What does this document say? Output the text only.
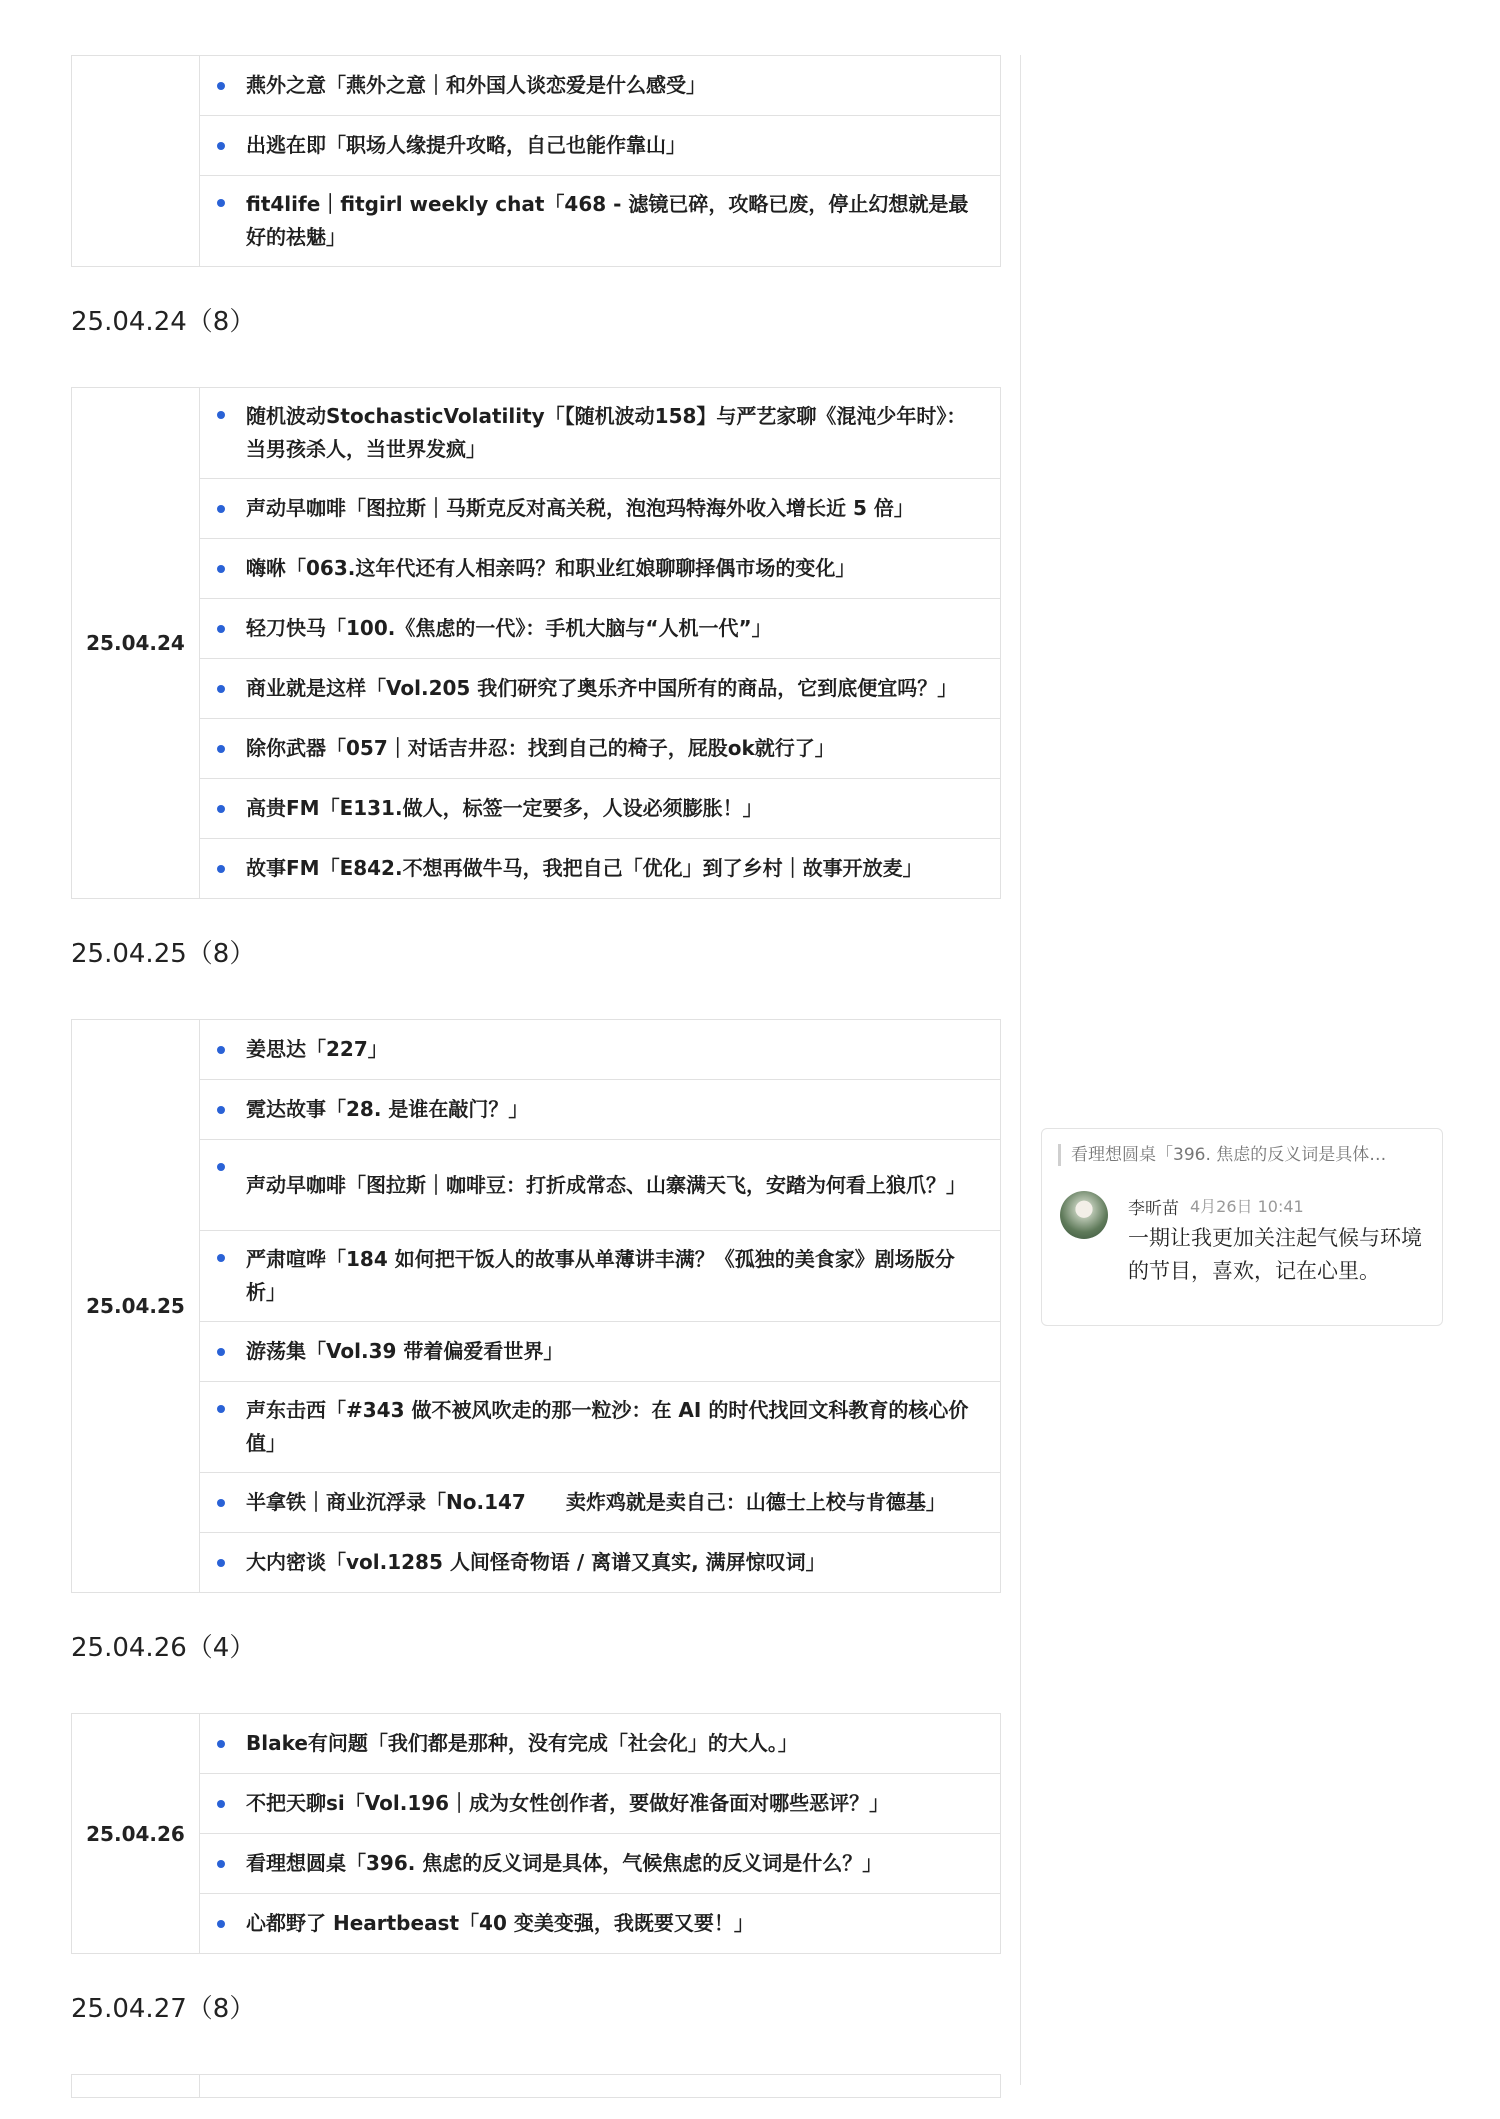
燕外之意「燕外之意｜和外国人谈恋爱是什么感受」

出逃在即「职场人缘提升攻略，自己也能作靠山」

fit4life｜fitgirl weekly chat「468 - 滤镜已碎，攻略已废，停止幻想就是最好的祛魅」
25.04.24（8）
25.04.24	
随机波动StochasticVolatility「【随机波动158】与严艺家聊《混沌少年时》：当男孩杀人，当世界发疯」

声动早咖啡「图拉斯｜马斯克反对高关税，泡泡玛特海外收入增长近 5 倍」

嗨咻「063.这年代还有人相亲吗？和职业红娘聊聊择偶市场的变化」

轻刀快马「100.《焦虑的一代》：手机大脑与“人机一代”」

商业就是这样「Vol.205 我们研究了奥乐齐中国所有的商品，它到底便宜吗？」

除你武器「057｜对话吉井忍：找到自己的椅子，屁股ok就行了」

高贵FM「E131.做人，标签一定要多，人设必须膨胀！」

故事FM「E842.不想再做牛马，我把自己「优化」到了乡村｜故事开放麦」
25.04.25（8）
25.04.25	
姜思达「227」

霓达故事「28. 是谁在敲门？」

声动早咖啡「图拉斯｜咖啡豆：打折成常态、山寨满天飞，安踏为何看上狼爪？」

严肃喧哗「184 如何把干饭人的故事从单薄讲丰满？《孤独的美食家》剧场版分析」

游荡集「Vol.39 带着偏爱看世界」

声东击西「#343 做不被风吹走的那一粒沙：在 AI 的时代找回文科教育的核心价值」

半拿铁｜商业沉浮录「No.147　　卖炸鸡就是卖自己：山德士上校与肯德基」

大内密谈「vol.1285 人间怪奇物语 / 离谱又真实, 满屏惊叹词」
25.04.26（4）
25.04.26	
Blake有问题「我们都是那种，没有完成「社会化」的大人。」

不把天聊si「Vol.196｜成为女性创作者，要做好准备面对哪些恶评？」

看理想圆桌「396. 焦虑的反义词是具体，气候焦虑的反义词是什么？」

心都野了 Heartbeast「40 变美变强，我既要又要！」
25.04.27（8）

看理想圆桌「396. 焦虑的反义词是具体…
李昕苗 4月26日 10:41
一期让我更加关注起气候与环境的节目，喜欢，记在心里。
